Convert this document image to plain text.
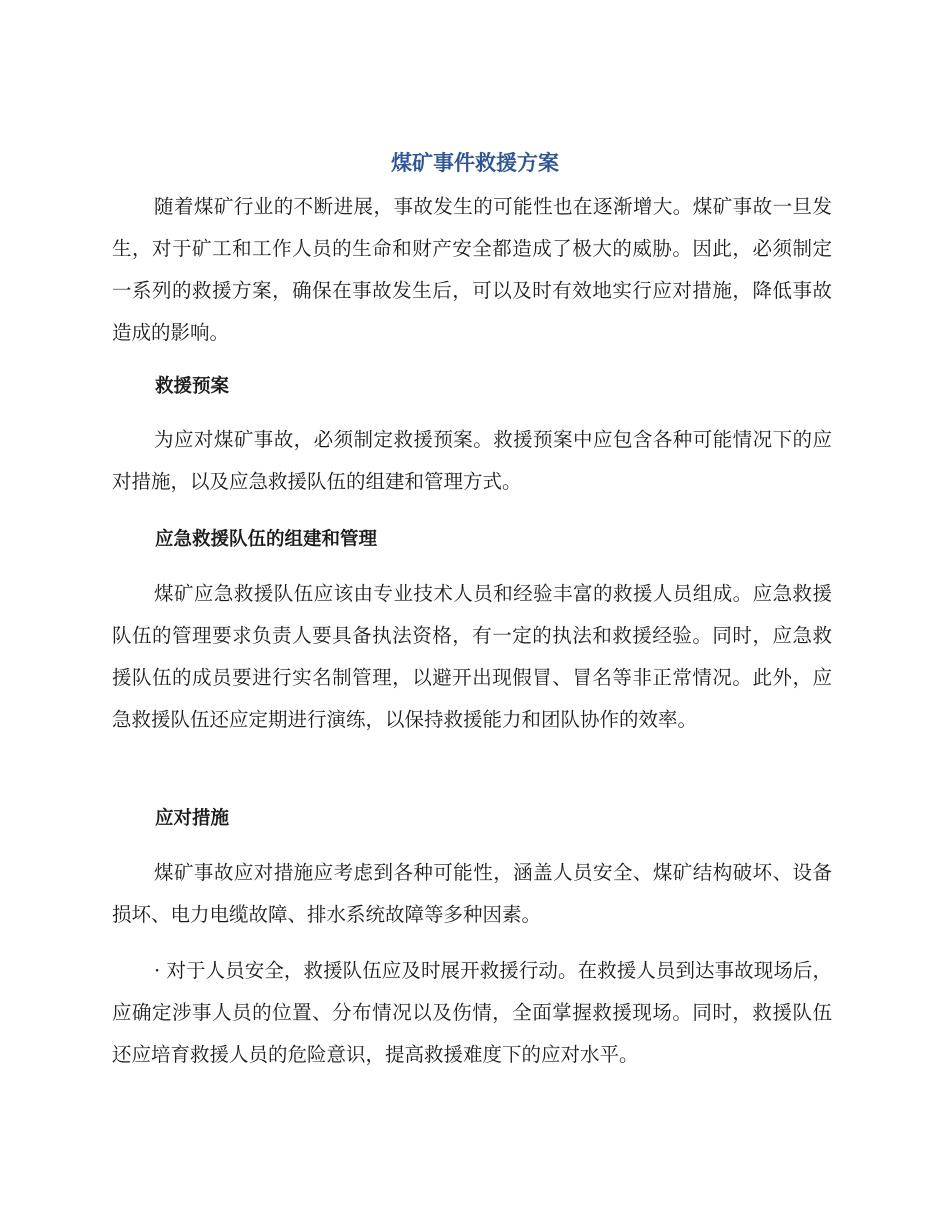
煤矿事件救援方案

随着煤矿行业的不断进展，事故发生的可能性也在逐渐增大。煤矿事故一旦发生，对于矿工和工作人员的生命和财产安全都造成了极大的威胁。因此，必须制定一系列的救援方案，确保在事故发生后，可以及时有效地实行应对措施，降低事故造成的影响。

救援预案

为应对煤矿事故，必须制定救援预案。救援预案中应包含各种可能情况下的应对措施，以及应急救援队伍的组建和管理方式。

应急救援队伍的组建和管理

煤矿应急救援队伍应该由专业技术人员和经验丰富的救援人员组成。应急救援队伍的管理要求负责人要具备执法资格，有一定的执法和救援经验。同时，应急救援队伍的成员要进行实名制管理，以避开出现假冒、冒名等非正常情况。此外，应急救援队伍还应定期进行演练，以保持救援能力和团队协作的效率。

应对措施

煤矿事故应对措施应考虑到各种可能性，涵盖人员安全、煤矿结构破坏、设备损坏、电力电缆故障、排水系统故障等多种因素。

· 对于人员安全，救援队伍应及时展开救援行动。在救援人员到达事故现场后，应确定涉事人员的位置、分布情况以及伤情，全面掌握救援现场。同时，救援队伍还应培育救援人员的危险意识，提高救援难度下的应对水平。
